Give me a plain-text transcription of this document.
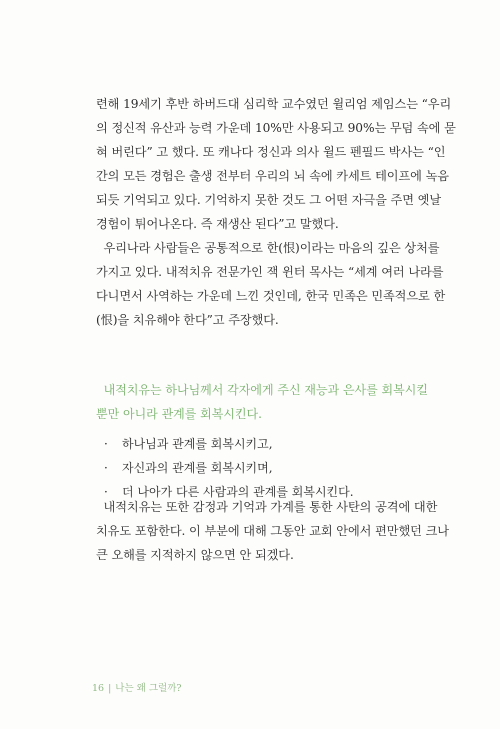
련해 19세기 후반 하버드대 심리학 교수였던 윌리엄 제임스는 “우리
의 정신적 유산과 능력 가운데 10%만 사용되고 90%는 무덤 속에 묻
혀 버린다” 고 했다. 또 캐나다 정신과 의사 윌드 펜필드 박사는 “인
간의 모든 경험은 출생 전부터 우리의 뇌 속에 카세트 테이프에 녹음
되듯 기억되고 있다. 기억하지 못한 것도 그 어떤 자극을 주면 옛날
경험이 튀어나온다. 즉 재생산 된다”고 말했다.
우리나라 사람들은 공통적으로 한(恨)이라는 마음의 깊은 상처를
가지고 있다. 내적치유 전문가인 잭 윈터 목사는 “세계 여러 나라를
다니면서 사역하는 가운데 느낀 것인데, 한국 민족은 민족적으로 한
(恨)을 치유해야 한다”고 주장했다.
내적치유는 하나님께서 각자에게 주신 재능과 은사를 회복시킬
뿐만 아니라 관계를 회복시킨다.
· 하나님과 관계를 회복시키고,
· 자신과의 관계를 회복시키며,
· 더 나아가 다른 사람과의 관계를 회복시킨다.
내적치유는 또한 감정과 기억과 가계를 통한 사탄의 공격에 대한
치유도 포함한다. 이 부분에 대해 그동안 교회 안에서 편만했던 크나
큰 오해를 지적하지 않으면 안 되겠다.
16 | 나는 왜 그럴까?
